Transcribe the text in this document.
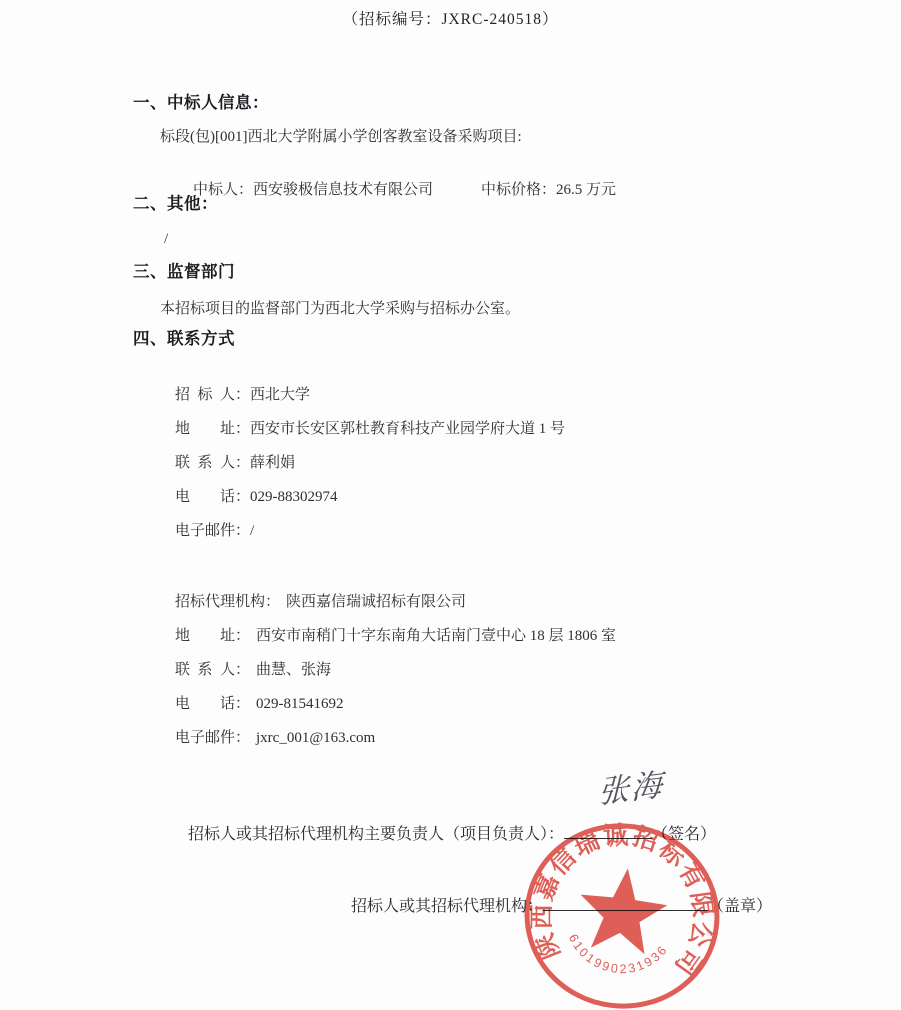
（招标编号：JXRC-240518）
一、中标人信息：
标段(包)[001]西北大学附属小学创客教室设备采购项目:

中标人：西安骏极信息技术有限公司	中标价格：26.5 万元

二、其他：
/
三、监督部门
本招标项目的监督部门为西北大学采购与招标办公室。
四、联系方式

招  标  人：西北大学

地        址：西安市长安区郭杜教育科技产业园学府大道 1 号

联  系  人：薛利娟

电        话：029-88302974

电子邮件：/

招标代理机构： 陕西嘉信瑞诚招标有限公司

地        址： 西安市南稍门十字东南角大话南门壹中心 18 层 1806 室

联  系  人： 曲慧、张海

电        话： 029-81541692

电子邮件： jxrc_001@163.com

招标人或其招标代理机构主要负责人（项目负责人）：	（签名）

张海

招标人或其招标代理机构：	（盖章）

陕西嘉信瑞诚招标有限公司
6101990231936
